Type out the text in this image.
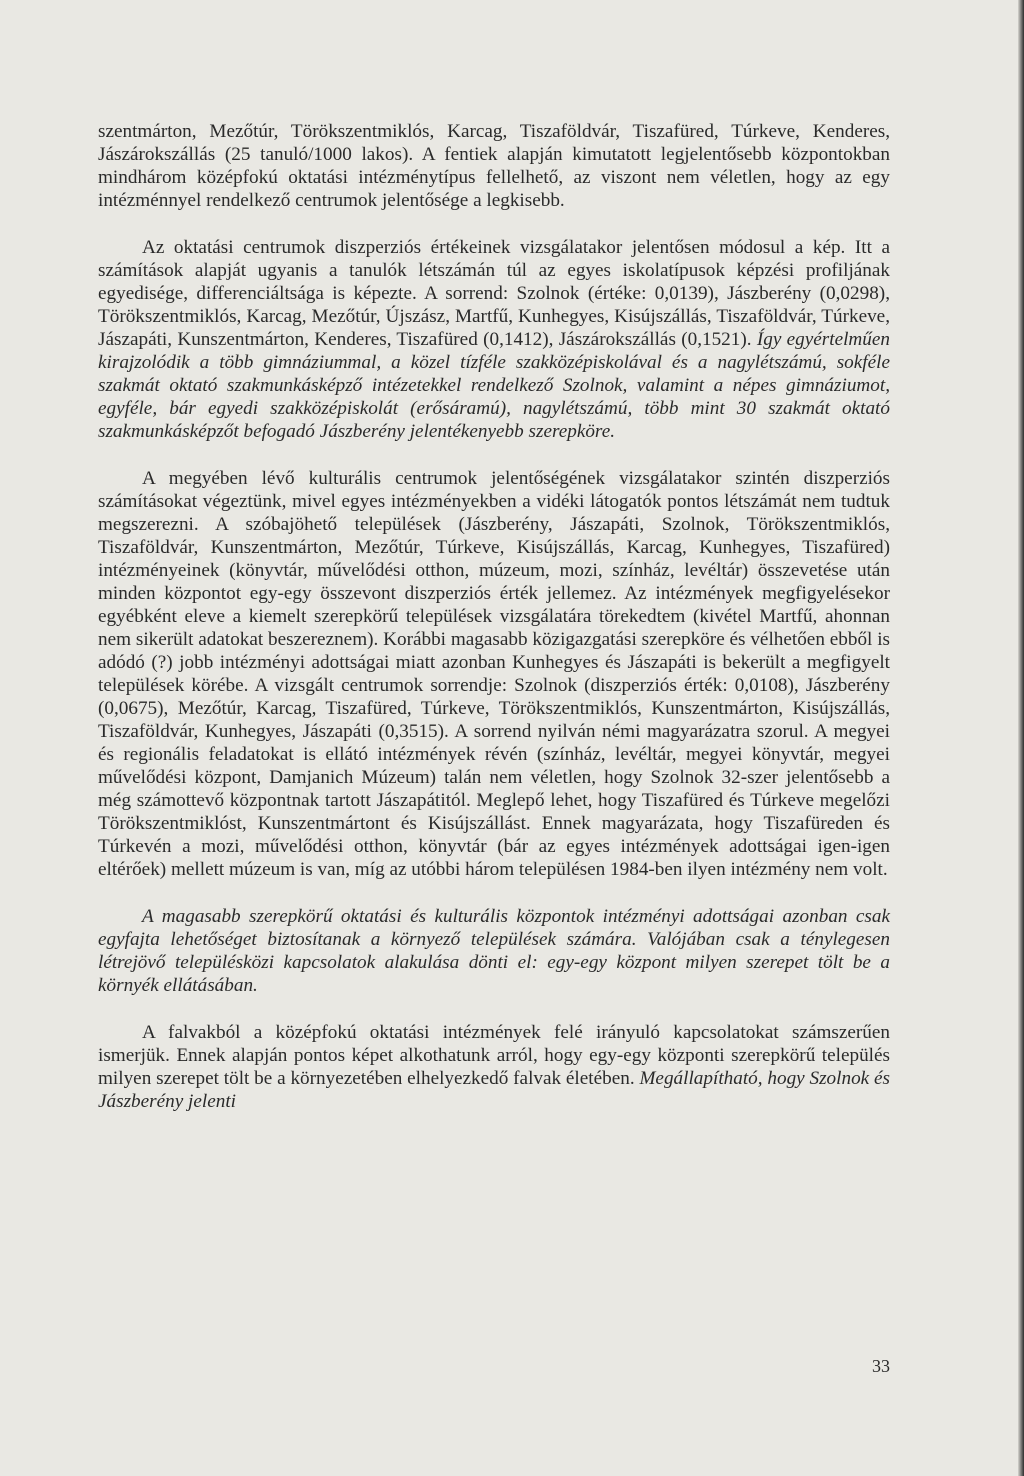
szentmárton, Mezőtúr, Törökszentmiklós, Karcag, Tiszaföldvár, Tiszafüred, Túrkeve, Kenderes, Jászárokszállás (25 tanuló/1000 lakos). A fentiek alapján kimutatott legjelentősebb központokban mindhárom középfokú oktatási intézménytípus fellelhető, az viszont nem véletlen, hogy az egy intézménnyel rendelkező centrumok jelentősége a legkisebb.

Az oktatási centrumok diszperziós értékeinek vizsgálatakor jelentősen módosul a kép. Itt a számítások alapját ugyanis a tanulók létszámán túl az egyes iskolatípusok képzési profiljának egyedisége, differenciáltsága is képezte. A sorrend: Szolnok (értéke: 0,0139), Jászberény (0,0298), Törökszentmiklós, Karcag, Mezőtúr, Újszász, Martfű, Kunhegyes, Kisújszállás, Tiszaföldvár, Túrkeve, Jászapáti, Kunszentmárton, Kenderes, Tiszafüred (0,1412), Jászárokszállás (0,1521). Így egyértelműen kirajzolódik a több gimnáziummal, a közel tízféle szakközépiskolával és a nagylétszámú, sokféle szakmát oktató szakmunkásképző intézetekkel rendelkező Szolnok, valamint a népes gimnáziumot, egyféle, bár egyedi szakközépiskolát (erősáramú), nagylétszámú, több mint 30 szakmát oktató szakmunkásképzőt befogadó Jászberény jelentékenyebb szerepköre.

A megyében lévő kulturális centrumok jelentőségének vizsgálatakor szintén diszperziós számításokat végeztünk, mivel egyes intézményekben a vidéki látogatók pontos létszámát nem tudtuk megszerezni. A szóbajöhető települések (Jászberény, Jászapáti, Szolnok, Törökszentmiklós, Tiszaföldvár, Kunszentmárton, Mezőtúr, Túrkeve, Kisújszállás, Karcag, Kunhegyes, Tiszafüred) intézményeinek (könyvtár, művelődési otthon, múzeum, mozi, színház, levéltár) összevetése után minden központot egy-egy összevont diszperziós érték jellemez. Az intézmények megfigyelésekor egyébként eleve a kiemelt szerepkörű települések vizsgálatára törekedtem (kivétel Martfű, ahonnan nem sikerült adatokat beszereznem). Korábbi magasabb közigazgatási szerepköre és vélhetően ebből is adódó (?) jobb intézményi adottságai miatt azonban Kunhegyes és Jászapáti is bekerült a megfigyelt települések körébe. A vizsgált centrumok sorrendje: Szolnok (diszperziós érték: 0,0108), Jászberény (0,0675), Mezőtúr, Karcag, Tiszafüred, Túrkeve, Törökszentmiklós, Kunszentmárton, Kisújszállás, Tiszaföldvár, Kunhegyes, Jászapáti (0,3515). A sorrend nyilván némi magyarázatra szorul. A megyei és regionális feladatokat is ellátó intézmények révén (színház, levéltár, megyei könyvtár, megyei művelődési központ, Damjanich Múzeum) talán nem véletlen, hogy Szolnok 32-szer jelentősebb a még számottevő központnak tartott Jászapátitól. Meglepő lehet, hogy Tiszafüred és Túrkeve megelőzi Törökszentmiklóst, Kunszentmártont és Kisújszállást. Ennek magyarázata, hogy Tiszafüreden és Túrkevén a mozi, művelődési otthon, könyvtár (bár az egyes intézmények adottságai igen-igen eltérőek) mellett múzeum is van, míg az utóbbi három településen 1984-ben ilyen intézmény nem volt.

A magasabb szerepkörű oktatási és kulturális központok intézményi adottságai azonban csak egyfajta lehetőséget biztosítanak a környező települések számára. Valójában csak a ténylegesen létrejövő településközi kapcsolatok alakulása dönti el: egy-egy központ milyen szerepet tölt be a környék ellátásában.

A falvakból a középfokú oktatási intézmények felé irányuló kapcsolatokat számszerűen ismerjük. Ennek alapján pontos képet alkothatunk arról, hogy egy-egy központi szerepkörű település milyen szerepet tölt be a környezetében elhelyezkedő falvak életében. Megállapítható, hogy Szolnok és Jászberény jelenti

33
